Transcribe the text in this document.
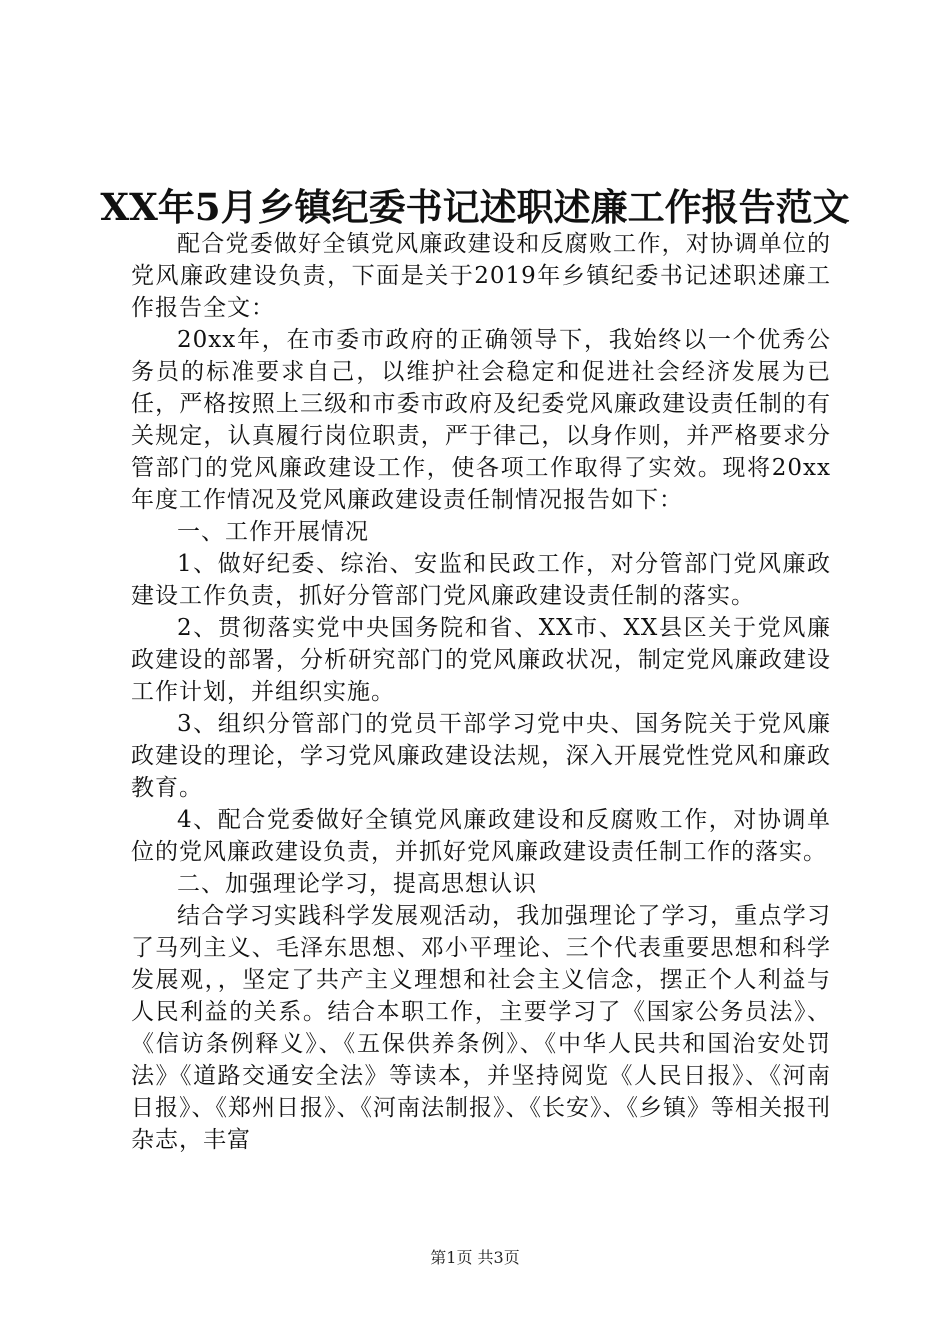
XX年5月乡镇纪委书记述职述廉工作报告范文

配合党委做好全镇党风廉政建设和反腐败工作，对协调单位的党风廉政建设负责，下面是关于2019年乡镇纪委书记述职述廉工作报告全文：

20xx年，在市委市政府的正确领导下，我始终以一个优秀公务员的标准要求自己，以维护社会稳定和促进社会经济发展为已任，严格按照上三级和市委市政府及纪委党风廉政建设责任制的有关规定，认真履行岗位职责，严于律己，以身作则，并严格要求分管部门的党风廉政建设工作，使各项工作取得了实效。现将20xx年度工作情况及党风廉政建设责任制情况报告如下：

一、工作开展情况

1、做好纪委、综治、安监和民政工作，对分管部门党风廉政建设工作负责，抓好分管部门党风廉政建设责任制的落实。

2、贯彻落实党中央国务院和省、XX市、XX县区关于党风廉政建设的部署，分析研究部门的党风廉政状况，制定党风廉政建设工作计划，并组织实施。

3、组织分管部门的党员干部学习党中央、国务院关于党风廉政建设的理论，学习党风廉政建设法规，深入开展党性党风和廉政教育。

4、配合党委做好全镇党风廉政建设和反腐败工作，对协调单位的党风廉政建设负责，并抓好党风廉政建设责任制工作的落实。

二、加强理论学习，提高思想认识

结合学习实践科学发展观活动，我加强理论了学习，重点学习了马列主义、毛泽东思想、邓小平理论、三个代表重要思想和科学发展观，，坚定了共产主义理想和社会主义信念，摆正个人利益与人民利益的关系。结合本职工作，主要学习了《国家公务员法》、《信访条例释义》、《五保供养条例》、《中华人民共和国治安处罚法》《道路交通安全法》等读本，并坚持阅览《人民日报》、《河南日报》、《郑州日报》、《河南法制报》、《长安》、《乡镇》等相关报刊杂志，丰富

第1页 共3页
